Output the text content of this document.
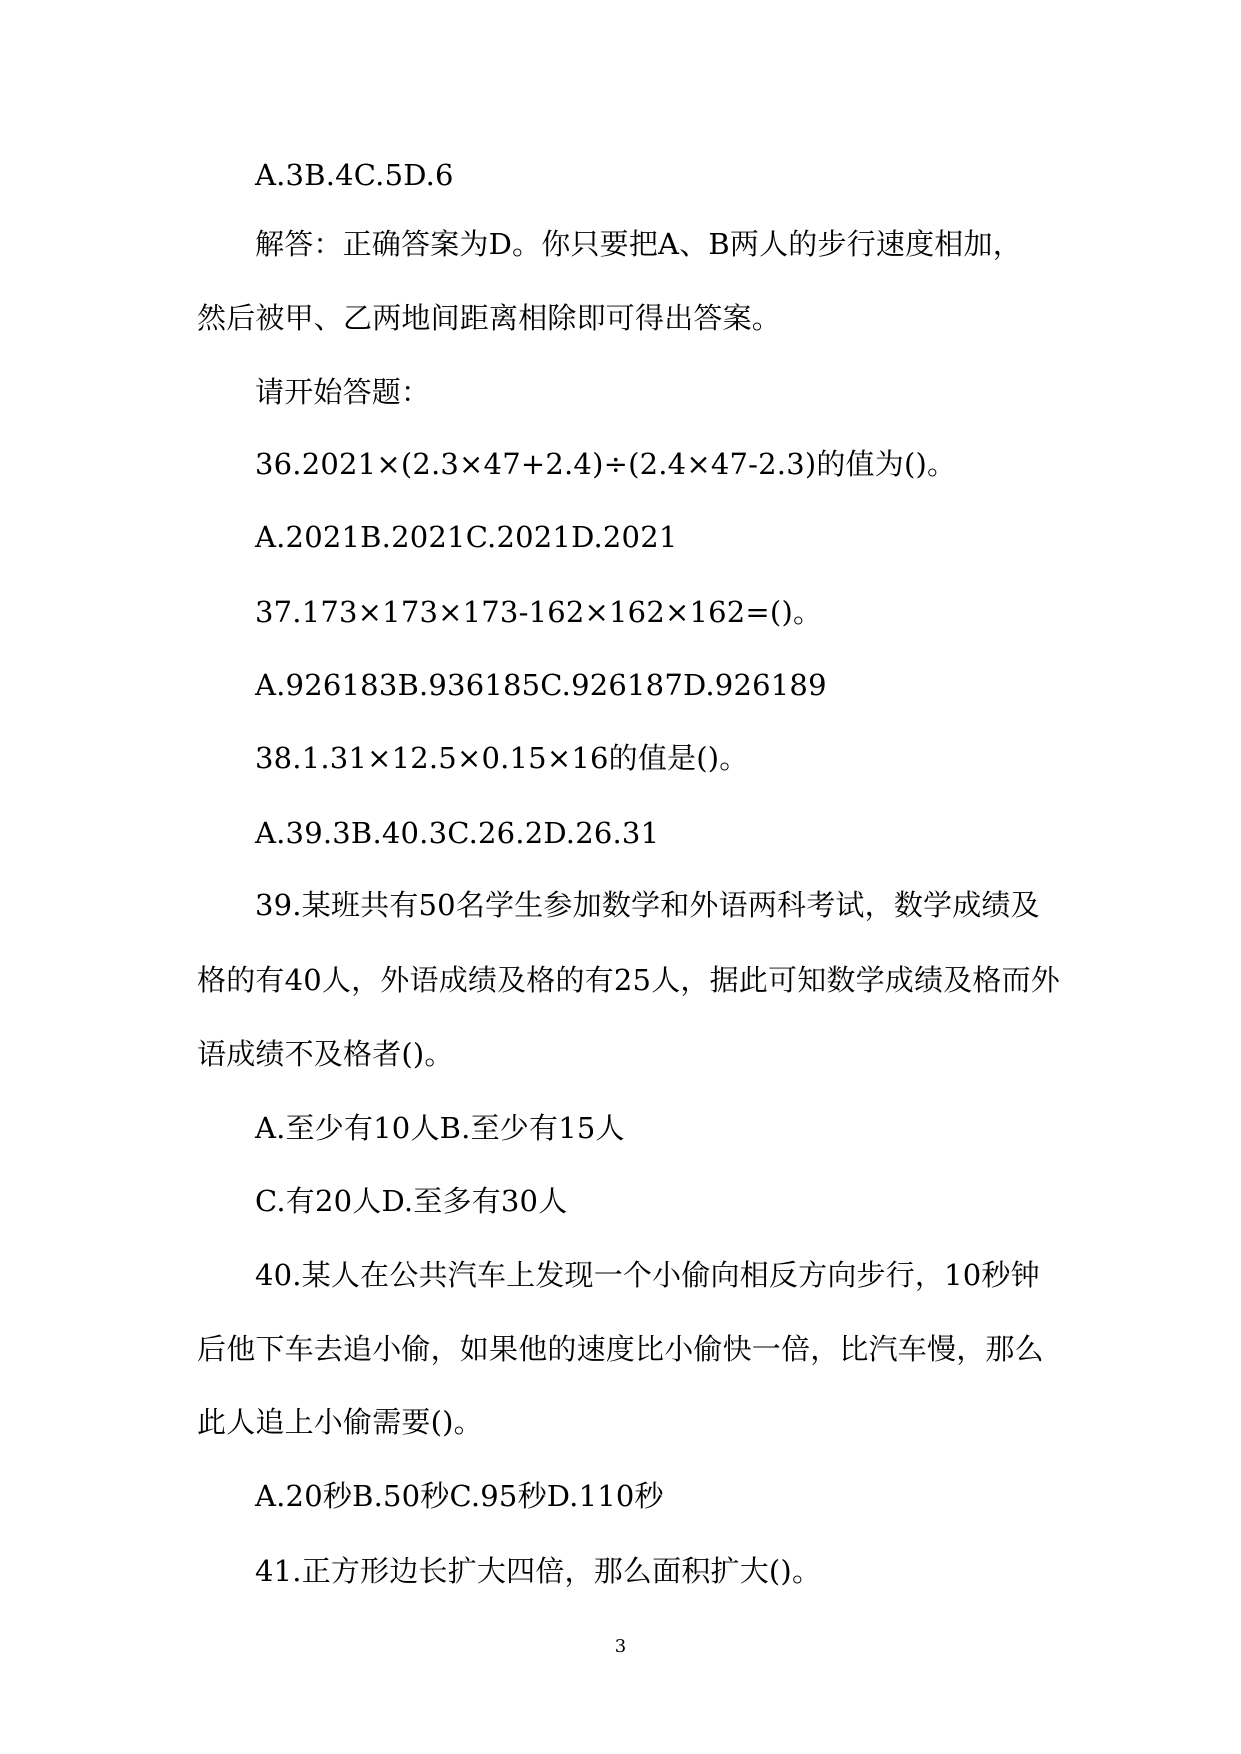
A.3B.4C.5D.6
解答：正确答案为D。你只要把A、B两人的步行速度相加，
然后被甲、乙两地间距离相除即可得出答案。
请开始答题：
36.2021×(2.3×47+2.4)÷(2.4×47-2.3)的值为()。
A.2021B.2021C.2021D.2021
37.173×173×173-162×162×162=()。
A.926183B.936185C.926187D.926189
38.1.31×12.5×0.15×16的值是()。
A.39.3B.40.3C.26.2D.26.31
39.某班共有50名学生参加数学和外语两科考试，数学成绩及
格的有40人，外语成绩及格的有25人，据此可知数学成绩及格而外
语成绩不及格者()。
A.至少有10人B.至少有15人
C.有20人D.至多有30人
40.某人在公共汽车上发现一个小偷向相反方向步行，10秒钟
后他下车去追小偷，如果他的速度比小偷快一倍，比汽车慢，那么
此人追上小偷需要()。
A.20秒B.50秒C.95秒D.110秒
41.正方形边长扩大四倍，那么面积扩大()。
3
